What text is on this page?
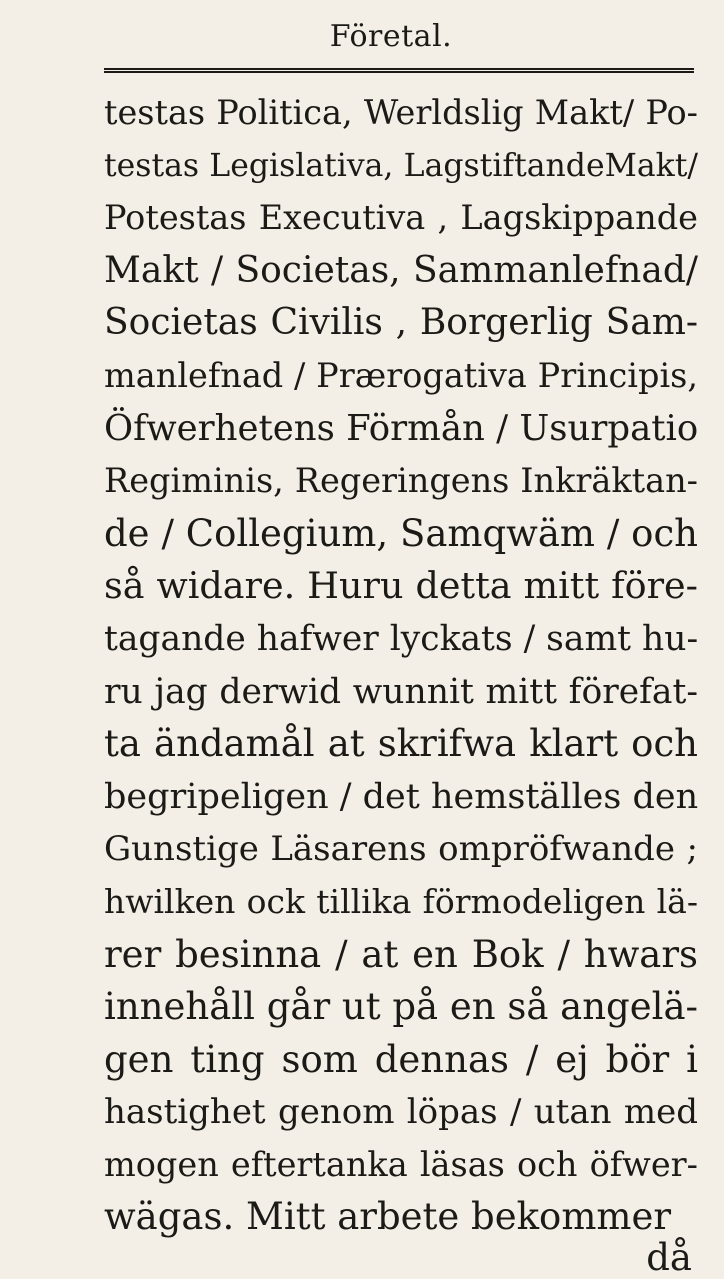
Företal.
testas Politica, Werldslig Makt/ Po-
testas Legislativa, LagstiftandeMakt/
Potestas Executiva , Lagskippande
Makt / Societas, Sammanlefnad/
Societas Civilis , Borgerlig Sam-
manlefnad / Prærogativa Principis,
Öfwerhetens Förmån / Usurpatio
Regiminis, Regeringens Inkräktan-
de / Collegium, Samqwäm / och
så widare. Huru detta mitt före-
tagande hafwer lyckats / samt hu-
ru jag derwid wunnit mitt förefat-
ta ändamål at skrifwa klart och
begripeligen / det hemställes den
Gunstige Läsarens ompröfwande ;
hwilken ock tillika förmodeligen lä-
rer besinna / at en Bok / hwars
innehåll går ut på en så angelä-
gen ting som dennas / ej bör i
hastighet genom löpas / utan med
mogen eftertanka läsas och öfwer-
wägas. Mitt arbete bekommer
då
